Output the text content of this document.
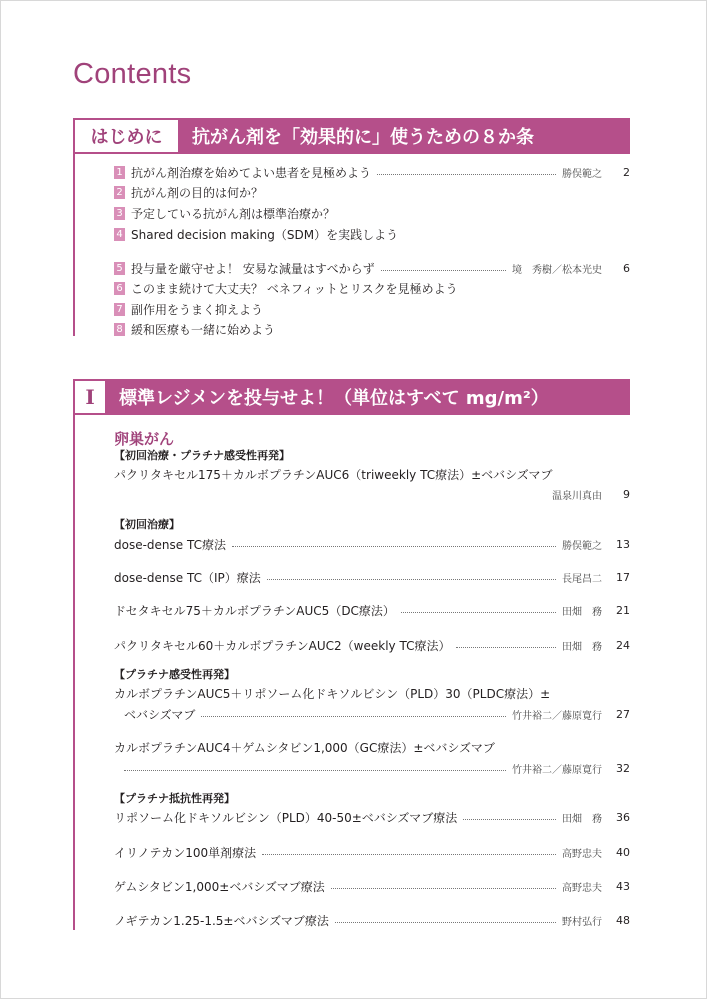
Contents
はじめに	抗がん剤を「効果的に」使うための８か条
1 抗がん剤治療を始めてよい患者を見極めよう	勝俣範之	2
2 抗がん剤の目的は何か？
3 予定している抗がん剤は標準治療か？
4 Shared decision making（SDM）を実践しよう
5 投与量を厳守せよ！ 安易な減量はすべからず	境　秀樹／松本光史	6
6 このまま続けて大丈夫？ ベネフィットとリスクを見極めよう
7 副作用をうまく抑えよう
8 緩和医療も一緒に始めよう
I	標準レジメンを投与せよ！（単位はすべて mg/m²）
卵巣がん
【初回治療・プラチナ感受性再発】
パクリタキセル175＋カルボプラチンAUC6（triweekly TC療法）±ベバシズマブ
温泉川真由	9
【初回治療】
dose-dense TC療法	勝俣範之	13
dose-dense TC（IP）療法	長尾昌二	17
ドセタキセル75＋カルボプラチンAUC5（DC療法）	田畑　務	21
パクリタキセル60＋カルボプラチンAUC2（weekly TC療法）	田畑　務	24
【プラチナ感受性再発】
カルボプラチンAUC5＋リポソーム化ドキソルビシン（PLD）30（PLDC療法）±
ベバシズマブ	竹井裕二／藤原寛行	27
カルボプラチンAUC4＋ゲムシタビン1,000（GC療法）±ベバシズマブ
竹井裕二／藤原寛行	32
【プラチナ抵抗性再発】
リポソーム化ドキソルビシン（PLD）40-50±ベバシズマブ療法	田畑　務	36
イリノテカン100単剤療法	高野忠夫	40
ゲムシタビン1,000±ベバシズマブ療法	高野忠夫	43
ノギテカン1.25-1.5±ベバシズマブ療法	野村弘行	48
